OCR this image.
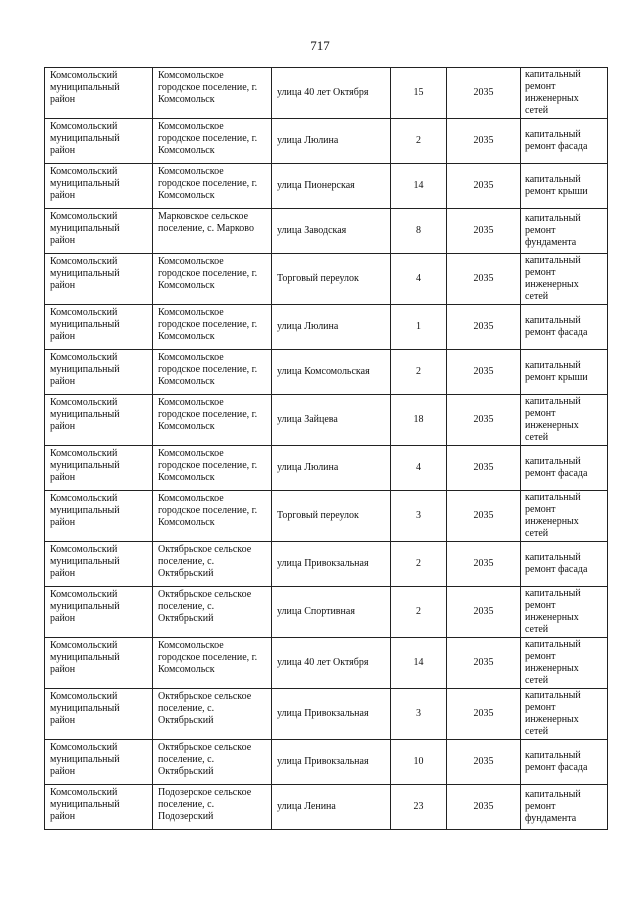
717
Комсомольский муниципальный район	Комсомольское городское поселение, г. Комсомольск	улица 40 лет Октября	15	2035	капитальный ремонт инженерных сетей
Комсомольский муниципальный район	Комсомольское городское поселение, г. Комсомольск	улица Люлина	2	2035	капитальный ремонт фасада
Комсомольский муниципальный район	Комсомольское городское поселение, г. Комсомольск	улица Пионерская	14	2035	капитальный ремонт крыши
Комсомольский муниципальный район	Марковское сельское поселение, с. Марково	улица Заводская	8	2035	капитальный ремонт фундамента
Комсомольский муниципальный район	Комсомольское городское поселение, г. Комсомольск	Торговый переулок	4	2035	капитальный ремонт инженерных сетей
Комсомольский муниципальный район	Комсомольское городское поселение, г. Комсомольск	улица Люлина	1	2035	капитальный ремонт фасада
Комсомольский муниципальный район	Комсомольское городское поселение, г. Комсомольск	улица Комсомольская	2	2035	капитальный ремонт крыши
Комсомольский муниципальный район	Комсомольское городское поселение, г. Комсомольск	улица Зайцева	18	2035	капитальный ремонт инженерных сетей
Комсомольский муниципальный район	Комсомольское городское поселение, г. Комсомольск	улица Люлина	4	2035	капитальный ремонт фасада
Комсомольский муниципальный район	Комсомольское городское поселение, г. Комсомольск	Торговый переулок	3	2035	капитальный ремонт инженерных сетей
Комсомольский муниципальный район	Октябрьское сельское поселение, с. Октябрьский	улица Привокзальная	2	2035	капитальный ремонт фасада
Комсомольский муниципальный район	Октябрьское сельское поселение, с. Октябрьский	улица Спортивная	2	2035	капитальный ремонт инженерных сетей
Комсомольский муниципальный район	Комсомольское городское поселение, г. Комсомольск	улица 40 лет Октября	14	2035	капитальный ремонт инженерных сетей
Комсомольский муниципальный район	Октябрьское сельское поселение, с. Октябрьский	улица Привокзальная	3	2035	капитальный ремонт инженерных сетей
Комсомольский муниципальный район	Октябрьское сельское поселение, с. Октябрьский	улица Привокзальная	10	2035	капитальный ремонт фасада
Комсомольский муниципальный район	Подозерское сельское поселение, с. Подозерский	улица Ленина	23	2035	капитальный ремонт фундамента
